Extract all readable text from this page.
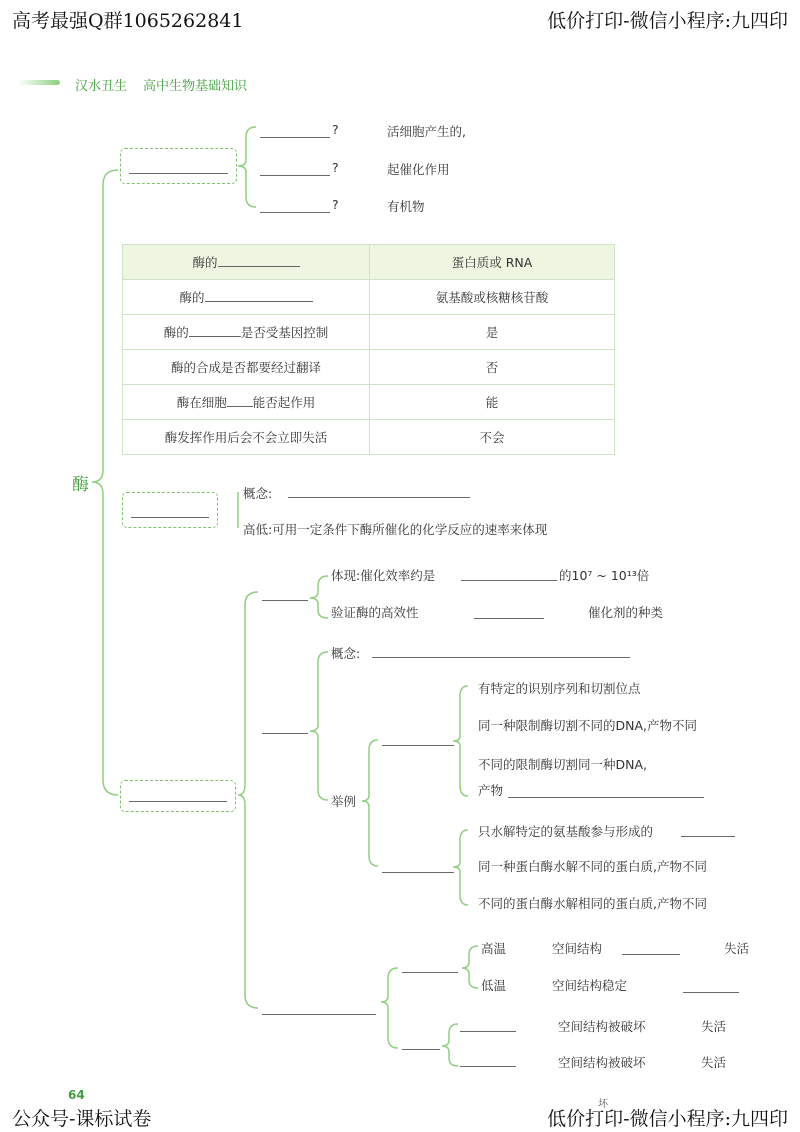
高考最强Q群1065262841	低价打印-微信小程序:九四印
汉水丑生 高中生物基础知识
酶
?	活细胞产生的,
?	起催化作用
?	有机物
酶的	蛋白质或 RNA
酶的	氨基酸或核糖核苷酸
酶的 是否受基因控制	是
酶的合成是否都要经过翻译	否
酶在细胞 能否起作用	能
酶发挥作用后会不会立即失活	不会
概念:
高低:可用一定条件下酶所催化的化学反应的速率来体现
体现:催化效率约是	的10⁷ ~ 10¹³倍
验证酶的高效性	催化剂的种类
概念:
举例
有特定的识别序列和切割位点
同一种限制酶切割不同的DNA,产物不同
不同的限制酶切割同一种DNA,
产物
只水解特定的氨基酸参与形成的
同一种蛋白酶水解不同的蛋白质,产物不同
不同的蛋白酶水解相同的蛋白质,产物不同
高温	空间结构	失活
低温	空间结构稳定
空间结构被破坏	失活
空间结构被破坏	失活
64
坏
公众号-课标试卷	低价打印-微信小程序:九四印
